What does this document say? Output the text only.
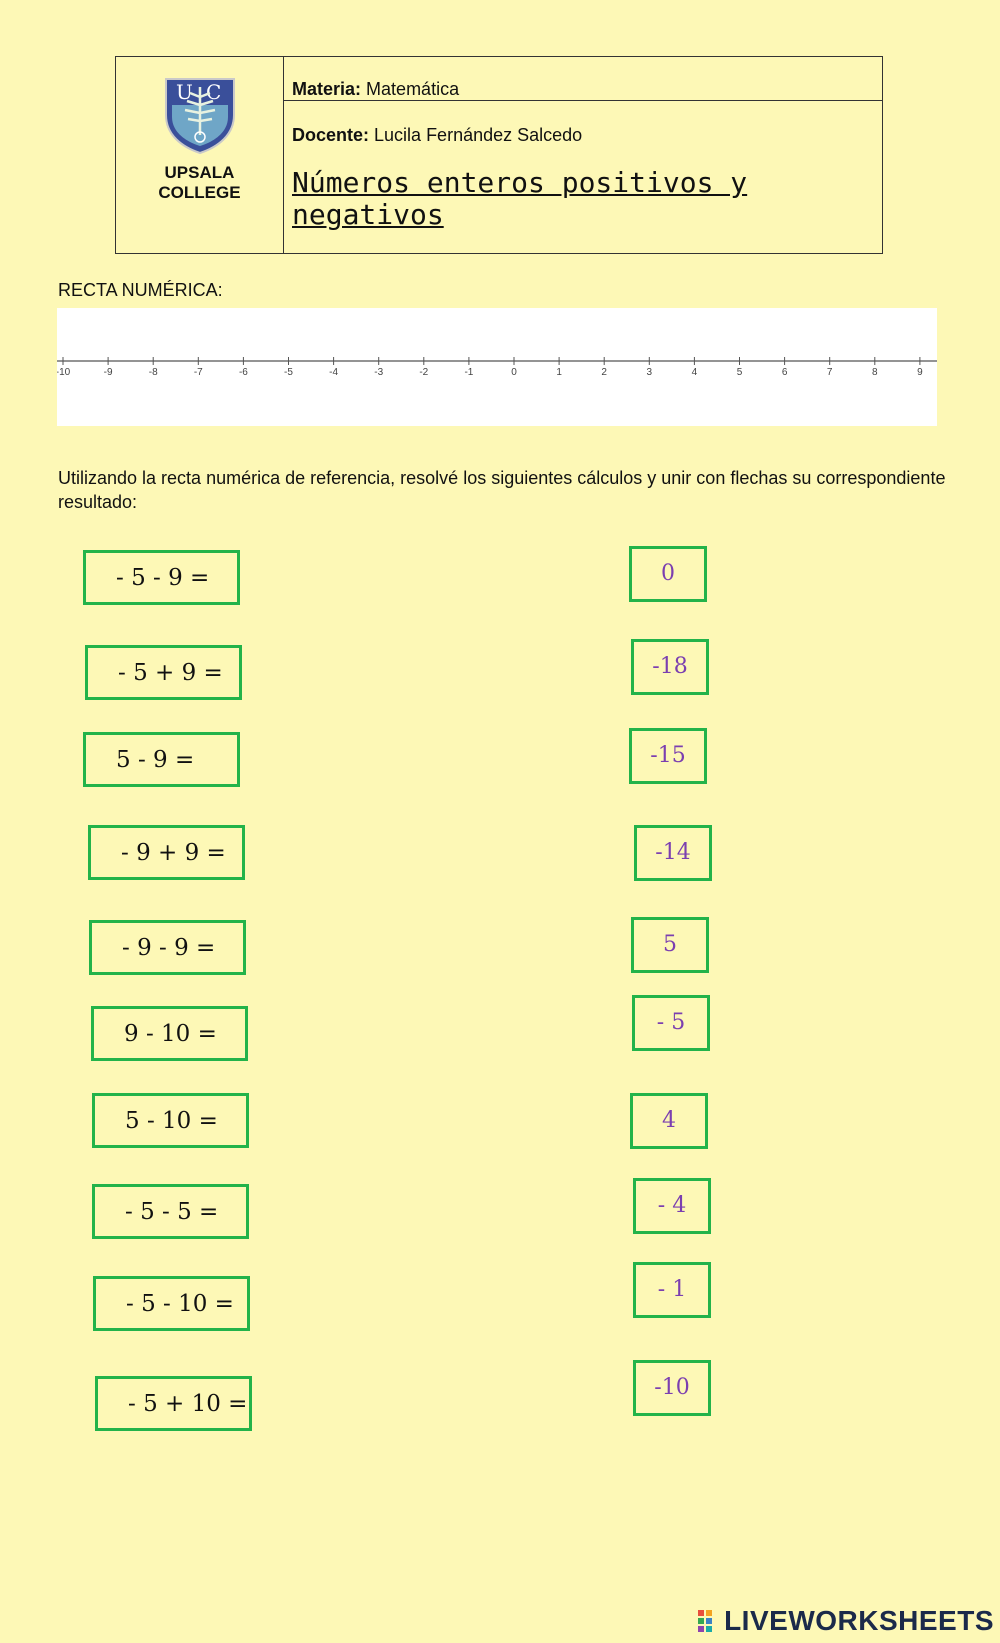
U C
UPSALA
COLLEGE
Materia: Matemática
Docente: Lucila Fernández Salcedo
Números enteros positivos y negativos
RECTA NUMÉRICA:
-10	-9	-8	-7	-6	-5	-4	-3	-2	-1	0	1	2	3	4	5	6	7	8	9
Utilizando la recta numérica de referencia, resolvé los siguientes cálculos y unir con flechas su correspondiente resultado:
- 5 - 9 =
- 5 + 9 =
5 - 9 =
- 9 + 9 =
- 9 - 9 =
9 - 10 =
5 - 10 =
- 5 - 5 =
- 5 - 10 =
- 5 + 10 =
0
-18
-15
-14
5
- 5
4
- 4
- 1
-10
LIVEWORKSHEETS
